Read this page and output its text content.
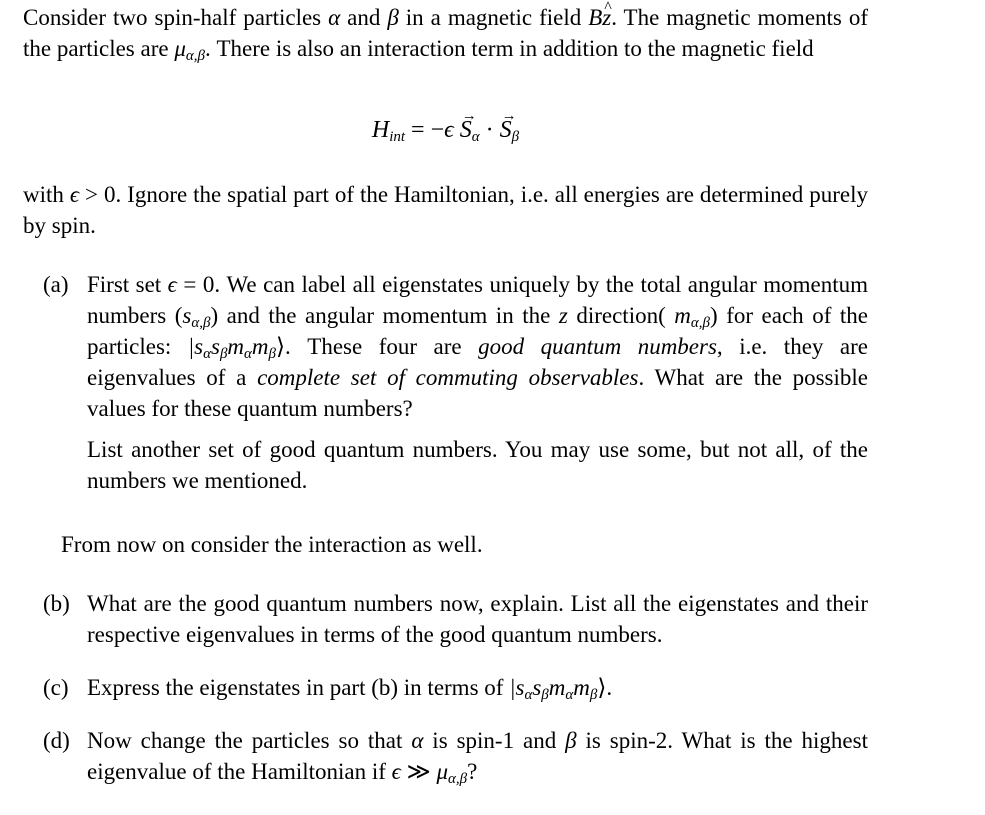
Consider two spin-half particles α and β in a magnetic field B^ z. The magnetic moments of the particles are $\mu_{\alpha,\beta}$. There is also an interaction term in addition to the magnetic field

$H_{int} = -\epsilon \to S_\alpha$ · → $S_\beta$

with ϵ > 0. Ignore the spatial part of the Hamiltonian, i.e. all energies are determined purely by spin.

(a) First set ϵ = 0. We can label all eigenstates uniquely by the total angular momentum numbers $(s_{\alpha,\beta})$ and the angular momentum in the z direction( $m_{\alpha,\beta}$) for each of the particles: $|s_\alpha s_\beta m_\alpha m_\beta⟩$. These four are good quantum numbers, i.e. they are eigenvalues of a complete set of commuting observables. What are the possible values for these quantum numbers?
List another set of good quantum numbers. You may use some, but not all, of the numbers we mentioned.
From now on consider the interaction as well.
(b) What are the good quantum numbers now, explain. List all the eigenstates and their respective eigenvalues in terms of the good quantum numbers.
(c) Express the eigenstates in part (b) in terms of $|s_\alpha s_\beta m_\alpha m_\beta⟩$.
(d) Now change the particles so that α is spin-1 and β is spin-2. What is the highest eigenvalue of the Hamiltonian if ϵ ≫ $\mu_{\alpha,\beta}$?
